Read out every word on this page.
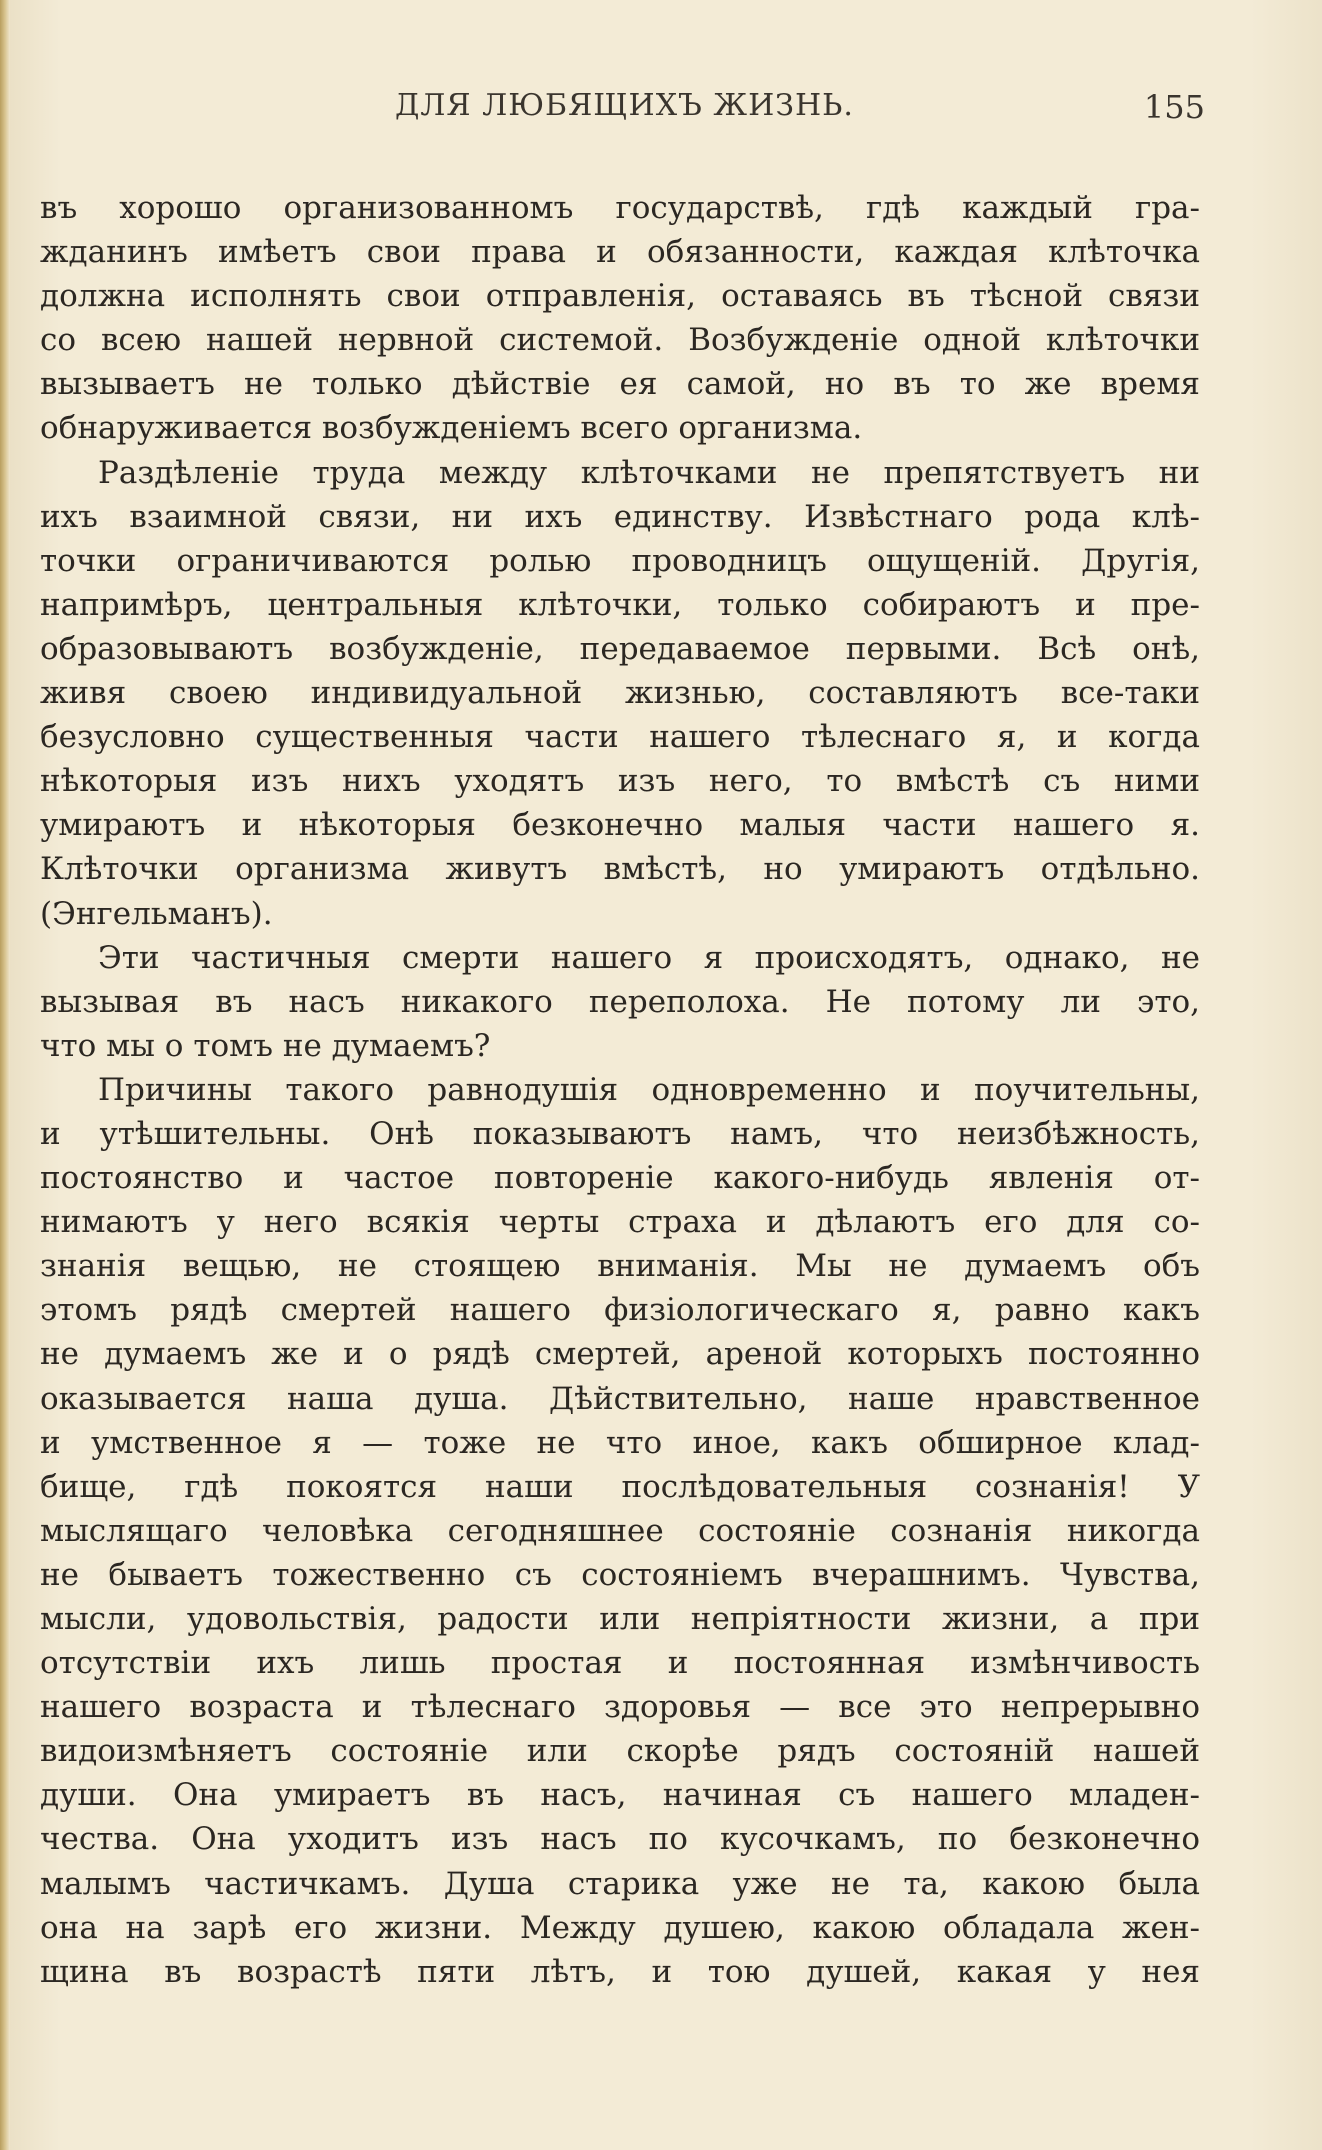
ДЛЯ ЛЮБЯЩИХЪ ЖИЗНЬ.	155
въ хорошо организованномъ государствѣ, гдѣ каждый гра-
жданинъ имѣетъ свои права и обязанности, каждая клѣточка
должна исполнять свои отправленія, оставаясь въ тѣсной связи
со всею нашей нервной системой. Возбужденіе одной клѣточки
вызываетъ не только дѣйствіе ея самой, но въ то же время
обнаруживается возбужденіемъ всего организма.
Раздѣленіе труда между клѣточками не препятствуетъ ни
ихъ взаимной связи, ни ихъ единству. Извѣстнаго рода клѣ-
точки ограничиваются ролью проводницъ ощущеній. Другія,
напримѣръ, центральныя клѣточки, только собираютъ и пре-
образовываютъ возбужденіе, передаваемое первыми. Всѣ онѣ,
живя своею индивидуальной жизнью, составляютъ все-таки
безусловно существенныя части нашего тѣлеснаго я, и когда
нѣкоторыя изъ нихъ уходятъ изъ него, то вмѣстѣ съ ними
умираютъ и нѣкоторыя безконечно малыя части нашего я.
Клѣточки организма живутъ вмѣстѣ, но умираютъ отдѣльно.
(Энгельманъ).
Эти частичныя смерти нашего я происходятъ, однако, не
вызывая въ насъ никакого переполоха. Не потому ли это,
что мы о томъ не думаемъ?
Причины такого равнодушія одновременно и поучительны,
и утѣшительны. Онѣ показываютъ намъ, что неизбѣжность,
постоянство и частое повтореніе какого-нибудь явленія от-
нимаютъ у него всякія черты страха и дѣлаютъ его для со-
знанія вещью, не стоящею вниманія. Мы не думаемъ объ
этомъ рядѣ смертей нашего физіологическаго я, равно какъ
не думаемъ же и о рядѣ смертей, ареной которыхъ постоянно
оказывается наша душа. Дѣйствительно, наше нравственное
и умственное я — тоже не что иное, какъ обширное клад-
бище, гдѣ покоятся наши послѣдовательныя сознанія! У
мыслящаго человѣка сегодняшнее состояніе сознанія никогда
не бываетъ тожественно съ состояніемъ вчерашнимъ. Чувства,
мысли, удовольствія, радости или непріятности жизни, а при
отсутствіи ихъ лишь простая и постоянная измѣнчивость
нашего возраста и тѣлеснаго здоровья — все это непрерывно
видоизмѣняетъ состояніе или скорѣе рядъ состояній нашей
души. Она умираетъ въ насъ, начиная съ нашего младен-
чества. Она уходитъ изъ насъ по кусочкамъ, по безконечно
малымъ частичкамъ. Душа старика уже не та, какою была
она на зарѣ его жизни. Между душею, какою обладала жен-
щина въ возрастѣ пяти лѣтъ, и тою душей, какая у нея
